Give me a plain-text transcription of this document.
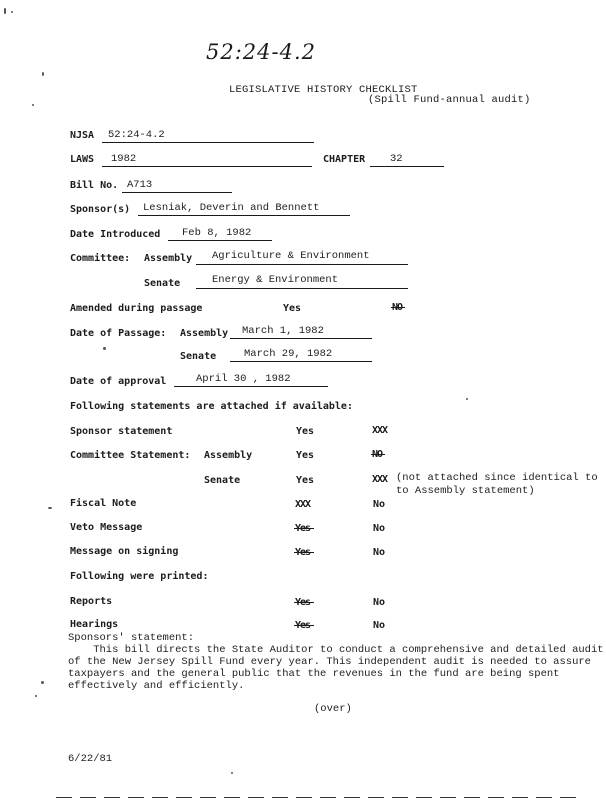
52:24-4.2
LEGISLATIVE HISTORY CHECKLIST
(Spill Fund-annual audit)
NJSA 52:24-4.2
LAWS 1982	CHAPTER 32
Bill No. A713
Sponsor(s) Lesniak, Deverin and Bennett
Date Introduced Feb 8, 1982
Committee: Assembly Agriculture & Environment
Senate	Energy & Environment
Amended during passage	Yes	NO
Date of Passage: Assembly March 1, 1982
Senate	March 29, 1982
Date of approval	April 30 , 1982
Following statements are attached if available:
Sponsor statement	Yes	XXX
Committee Statement: Assembly	Yes	NO
Senate	Yes	XXX (not attached since identical to
to Assembly statement)
Fiscal Note	XXX	No
Veto Message	Yes	No
Message on signing	Yes	No
Following were printed:
Reports	Yes	No
Hearings	Yes	No
Sponsors' statement:
This bill directs the State Auditor to conduct a comprehensive and detailed audit
of the New Jersey Spill Fund every year. This independent audit is needed to assure
taxpayers and the general public that the revenues in the fund are being spent
effectively and efficiently.
(over)
6/22/81
